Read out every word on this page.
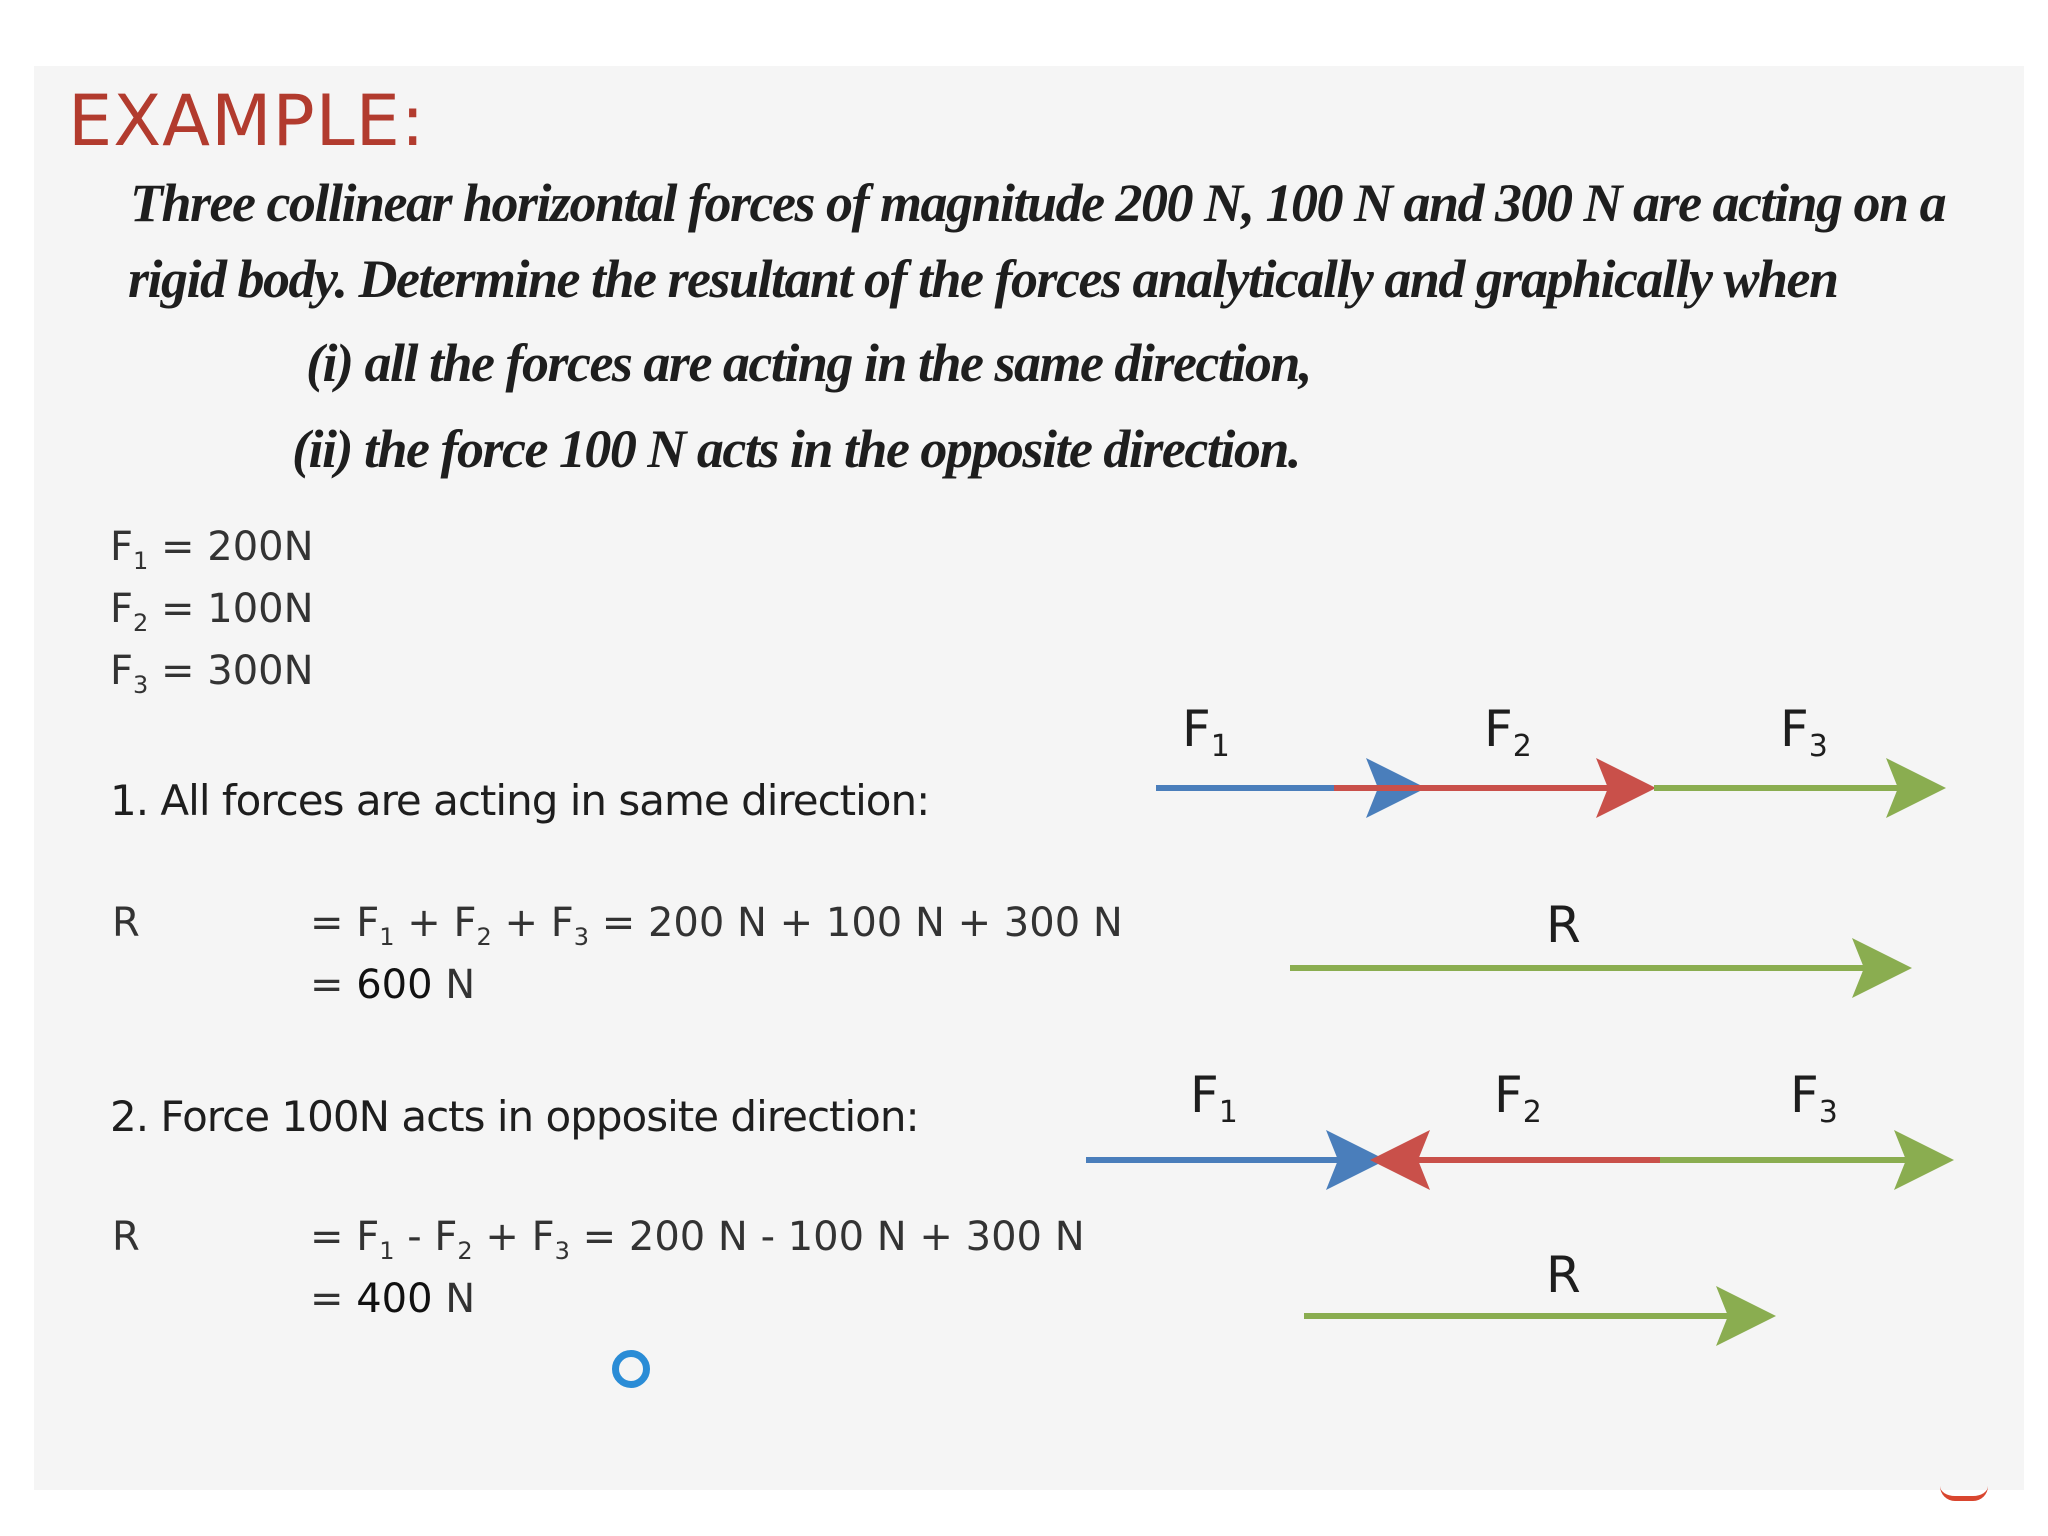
EXAMPLE:
Three collinear horizontal forces of magnitude 200 N, 100 N and 300 N are acting on a
rigid body. Determine the resultant of the forces analytically and graphically when
(i) all the forces are acting in the same direction,
(ii) the force 100 N acts in the opposite direction.
$F_1 = 200N$
$F_2 = 100N$
$F_3 = 300N$
1. All forces are acting in same direction:
R	= $F_1 + F_2 + F_3 = 200$ N + 100 N + 300 N
= 600 N
2. Force 100N acts in opposite direction:
R	= $F_1 - F_2 + F_3 = 200$ N - 100 N + 300 N
= 400 N
$F_1$	$F_2$	$F_3$
R
$F_1$	$F_2$	$F_3$
R
